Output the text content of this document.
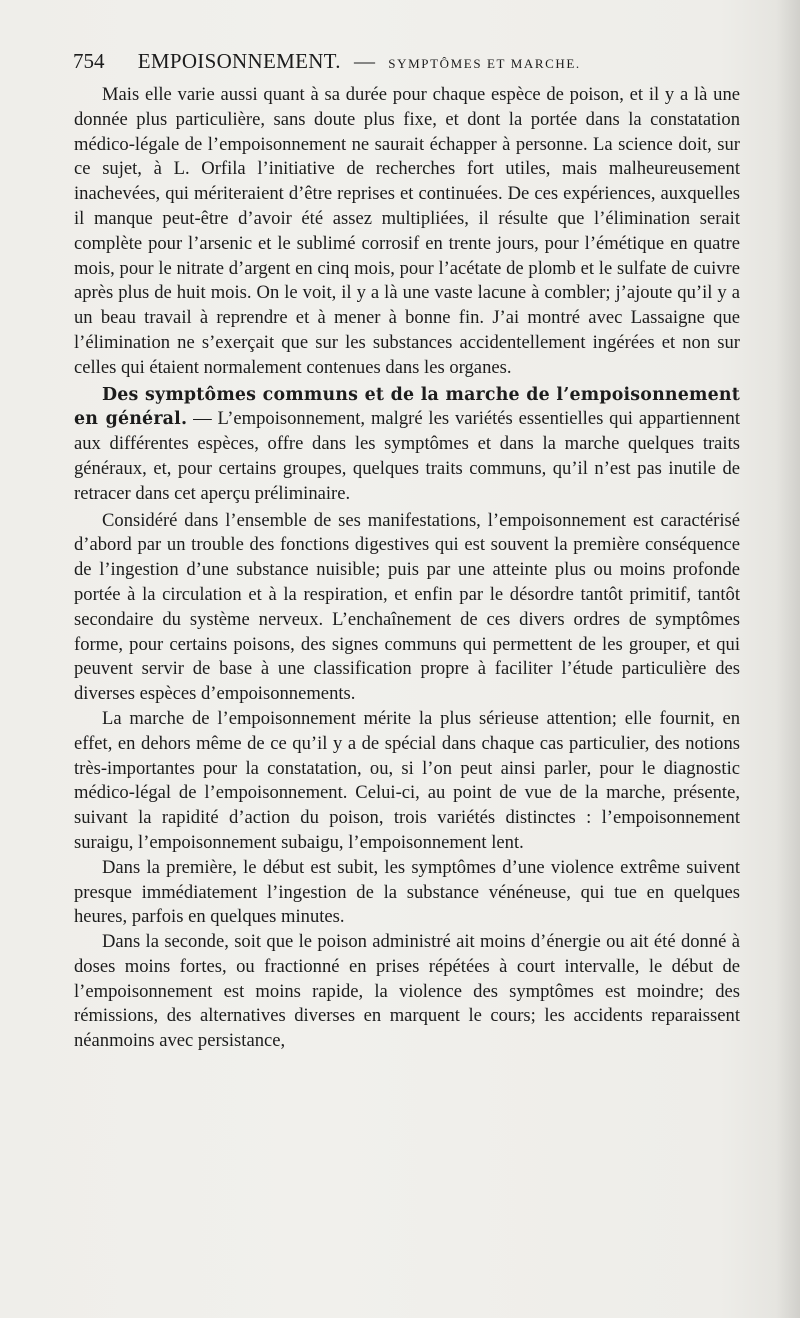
754 EMPOISONNEMENT. — SYMPTÔMES ET MARCHE.

Mais elle varie aussi quant à sa durée pour chaque espèce de poison, et il y a là une donnée plus particulière, sans doute plus fixe, et dont la portée dans la constatation médico-légale de l’empoisonnement ne saurait échapper à personne. La science doit, sur ce sujet, à L. Orfila l’initiative de recherches fort utiles, mais malheureusement inachevées, qui mériteraient d’être reprises et continuées. De ces expériences, auxquelles il manque peut-être d’avoir été assez multipliées, il résulte que l’élimination serait complète pour l’arsenic et le sublimé corrosif en trente jours, pour l’émétique en quatre mois, pour le nitrate d’argent en cinq mois, pour l’acétate de plomb et le sulfate de cuivre après plus de huit mois. On le voit, il y a là une vaste lacune à combler; j’ajoute qu’il y a un beau travail à reprendre et à mener à bonne fin. J’ai montré avec Lassaigne que l’élimination ne s’exerçait que sur les substances accidentellement ingérées et non sur celles qui étaient normalement contenues dans les organes.

Des symptômes communs et de la marche de l’empoisonnement en général. — L’empoisonnement, malgré les variétés essentielles qui appartiennent aux différentes espèces, offre dans les symptômes et dans la marche quelques traits généraux, et, pour certains groupes, quelques traits communs, qu’il n’est pas inutile de retracer dans cet aperçu préliminaire.

Considéré dans l’ensemble de ses manifestations, l’empoisonnement est caractérisé d’abord par un trouble des fonctions digestives qui est souvent la première conséquence de l’ingestion d’une substance nuisible; puis par une atteinte plus ou moins profonde portée à la circulation et à la respiration, et enfin par le désordre tantôt primitif, tantôt secondaire du système nerveux. L’enchaînement de ces divers ordres de symptômes forme, pour certains poisons, des signes communs qui permettent de les grouper, et qui peuvent servir de base à une classification propre à faciliter l’étude particulière des diverses espèces d’empoisonnements.

La marche de l’empoisonnement mérite la plus sérieuse attention; elle fournit, en effet, en dehors même de ce qu’il y a de spécial dans chaque cas particulier, des notions très-importantes pour la constatation, ou, si l’on peut ainsi parler, pour le diagnostic médico-légal de l’empoisonnement. Celui-ci, au point de vue de la marche, présente, suivant la rapidité d’action du poison, trois variétés distinctes : l’empoisonnement suraigu, l’empoisonnement subaigu, l’empoisonnement lent.

Dans la première, le début est subit, les symptômes d’une violence extrême suivent presque immédiatement l’ingestion de la substance vénéneuse, qui tue en quelques heures, parfois en quelques minutes.

Dans la seconde, soit que le poison administré ait moins d’énergie ou ait été donné à doses moins fortes, ou fractionné en prises répétées à court intervalle, le début de l’empoisonnement est moins rapide, la violence des symptômes est moindre; des rémissions, des alternatives diverses en marquent le cours; les accidents reparaissent néanmoins avec persistance,
